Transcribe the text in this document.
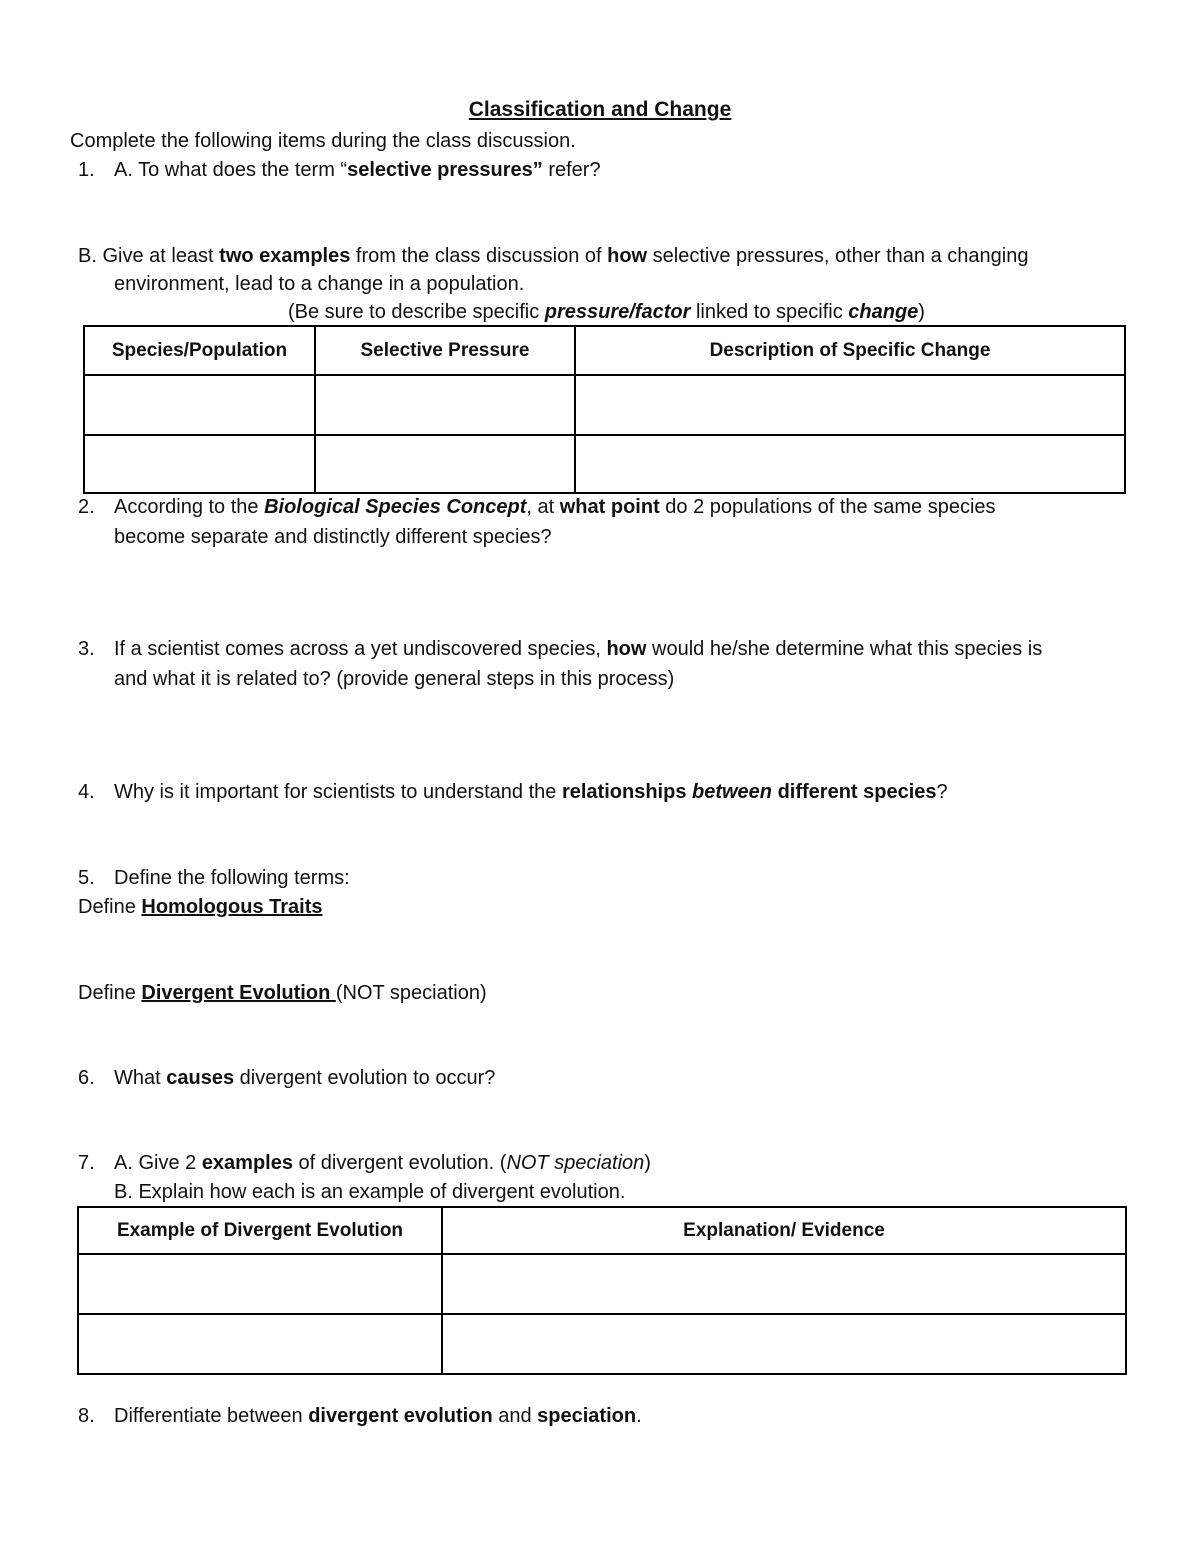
Classification and Change
Complete the following items during the class discussion.
1. A. To what does the term “selective pressures” refer?
B. Give at least two examples from the class discussion of how selective pressures, other than a changing
environment, lead to a change in a population.
(Be sure to describe specific pressure/factor linked to specific change)
Species/Population	Selective Pressure	Description of Specific Change

2. According to the Biological Species Concept, at what point do 2 populations of the same species
become separate and distinctly different species?
3. If a scientist comes across a yet undiscovered species, how would he/she determine what this species is
and what it is related to? (provide general steps in this process)
4. Why is it important for scientists to understand the relationships between different species?
5. Define the following terms:
Define Homologous Traits
Define Divergent Evolution (NOT speciation)
6. What causes divergent evolution to occur?
7. A. Give 2 examples of divergent evolution. (NOT speciation)
B. Explain how each is an example of divergent evolution.
Example of Divergent Evolution	Explanation/ Evidence

8. Differentiate between divergent evolution and speciation.
